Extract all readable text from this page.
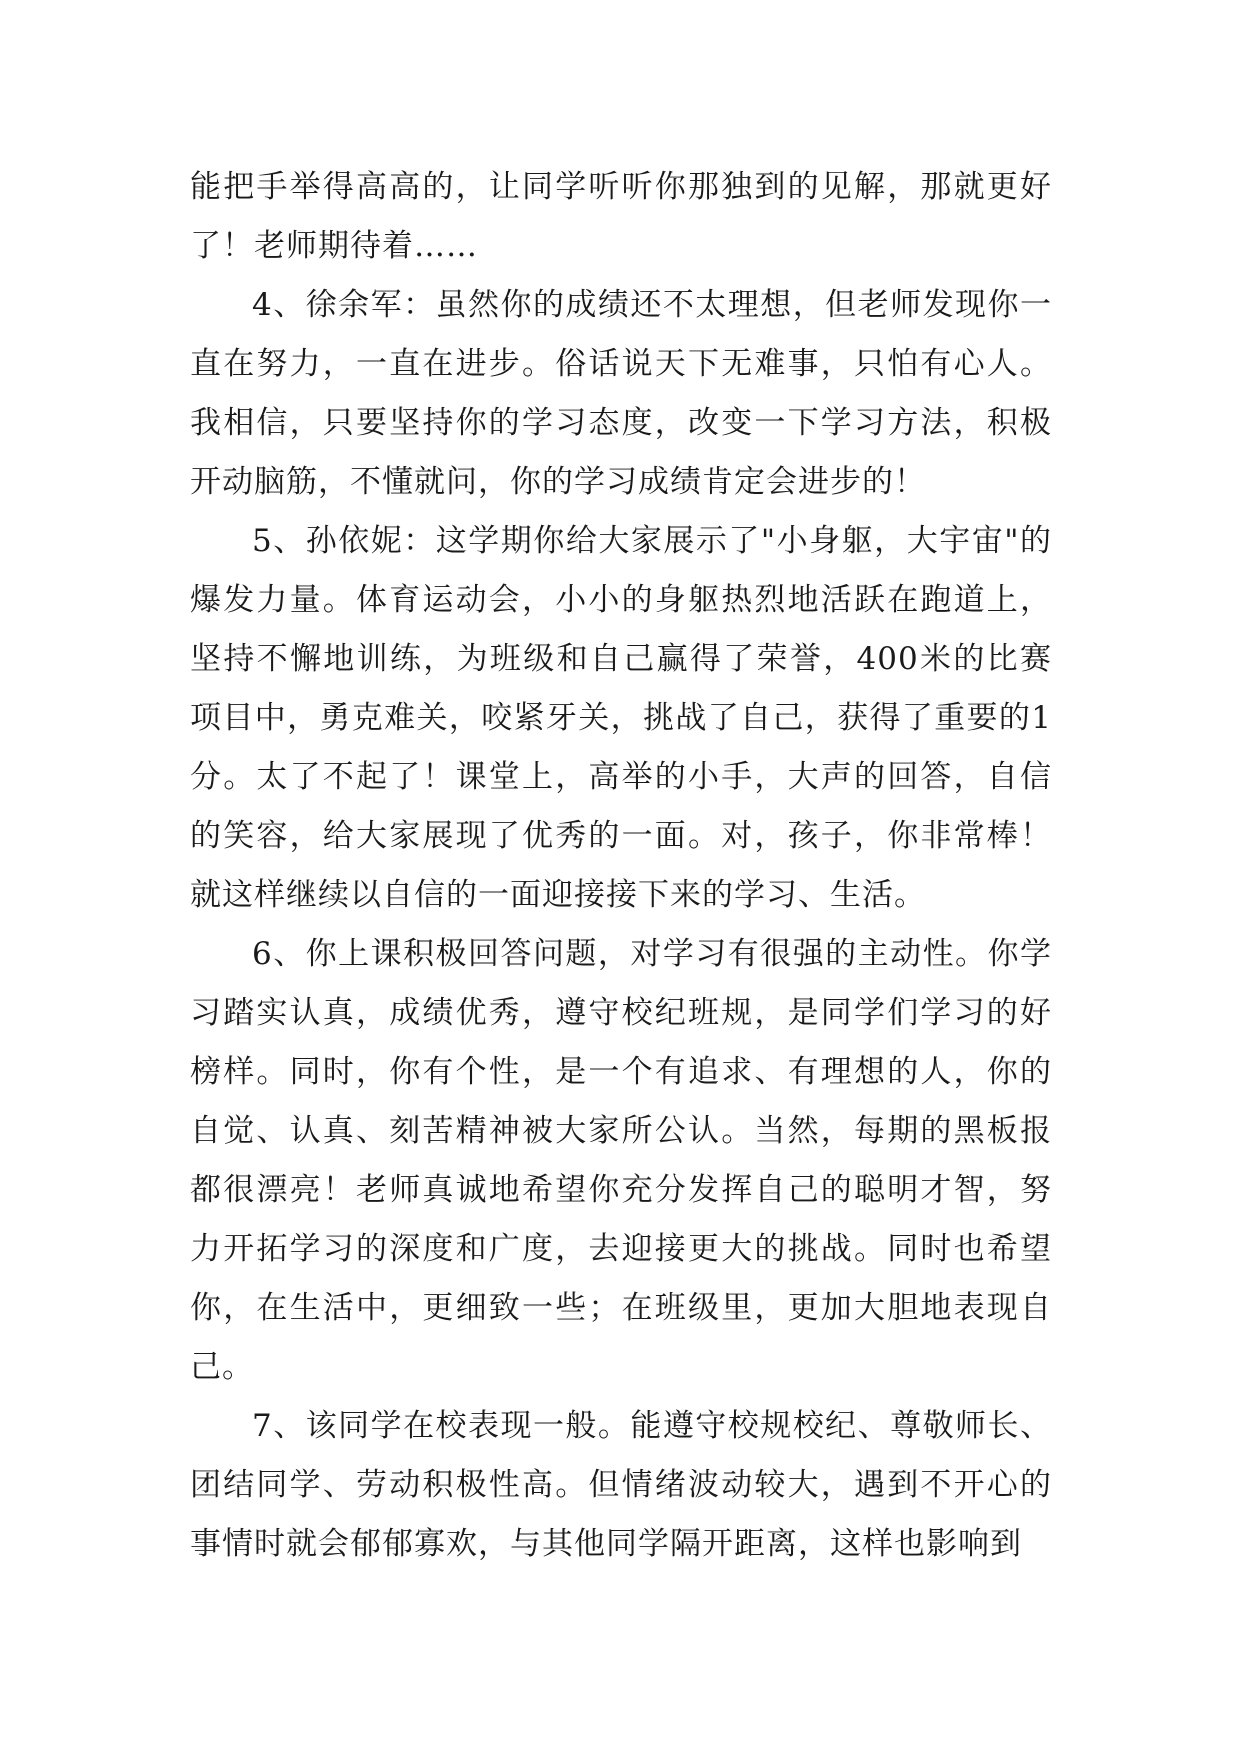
能把手举得高高的，让同学听听你那独到的见解，那就更好了！老师期待着……

4、徐余军：虽然你的成绩还不太理想，但老师发现你一直在努力，一直在进步。俗话说天下无难事，只怕有心人。我相信，只要坚持你的学习态度，改变一下学习方法，积极开动脑筋，不懂就问，你的学习成绩肯定会进步的！

5、孙依妮：这学期你给大家展示了"小身躯，大宇宙"的爆发力量。体育运动会，小小的身躯热烈地活跃在跑道上，坚持不懈地训练，为班级和自己赢得了荣誉，400米的比赛项目中，勇克难关，咬紧牙关，挑战了自己，获得了重要的1分。太了不起了！课堂上，高举的小手，大声的回答，自信的笑容，给大家展现了优秀的一面。对，孩子，你非常棒！就这样继续以自信的一面迎接接下来的学习、生活。

6、你上课积极回答问题，对学习有很强的主动性。你学习踏实认真，成绩优秀，遵守校纪班规，是同学们学习的好榜样。同时，你有个性，是一个有追求、有理想的人，你的自觉、认真、刻苦精神被大家所公认。当然，每期的黑板报都很漂亮！老师真诚地希望你充分发挥自己的聪明才智，努力开拓学习的深度和广度，去迎接更大的挑战。同时也希望你，在生活中，更细致一些；在班级里，更加大胆地表现自己。

7、该同学在校表现一般。能遵守校规校纪、尊敬师长、团结同学、劳动积极性高。但情绪波动较大，遇到不开心的事情时就会郁郁寡欢，与其他同学隔开距离，这样也影响到
